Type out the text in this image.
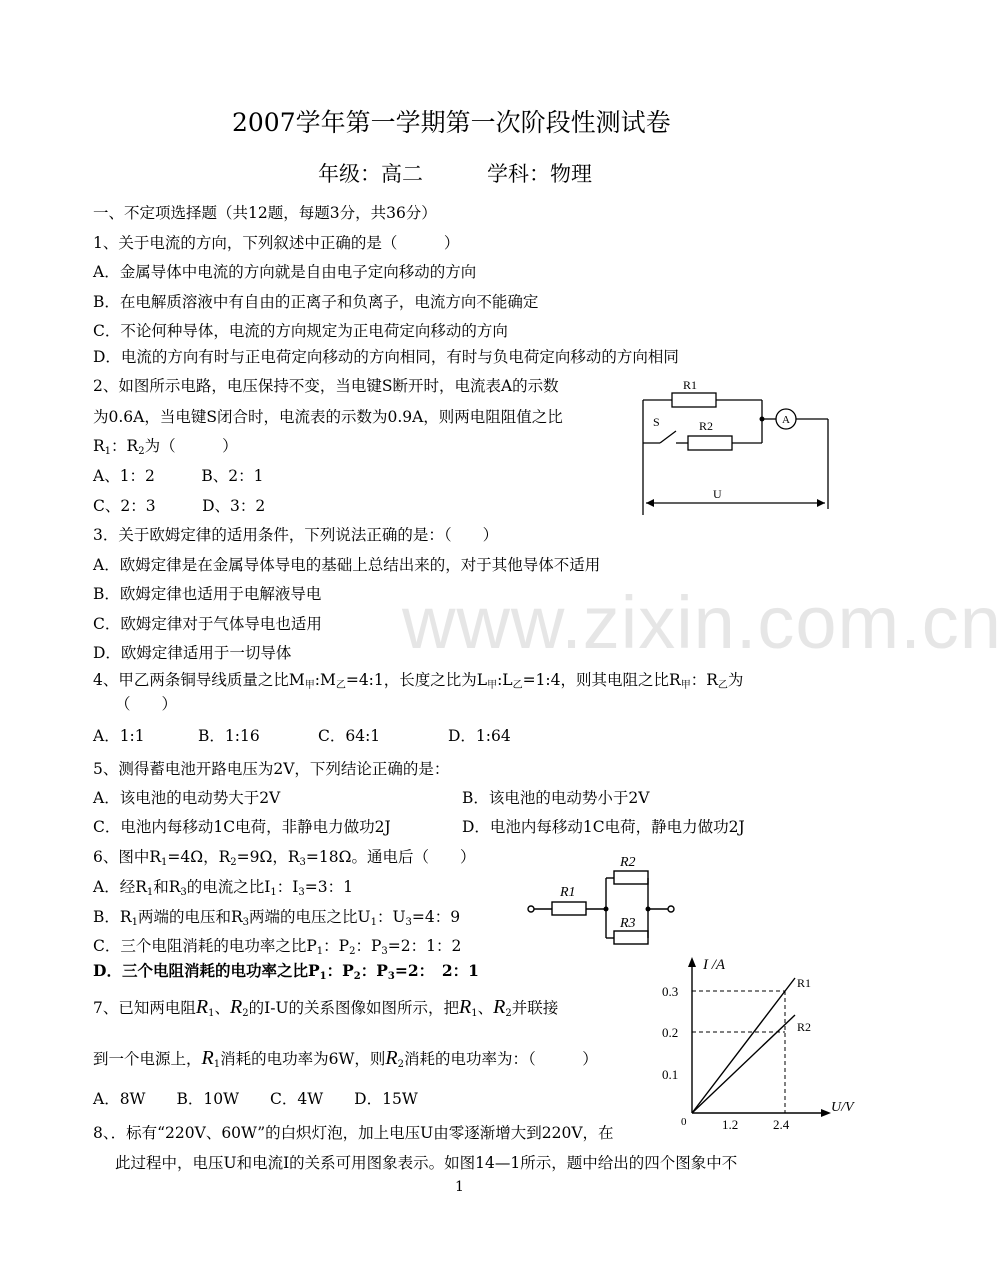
www.zixin.com.cn
2007学年第一学期第一次阶段性测试卷
年级：高二	学科：物理
一、不定项选择题（共12题，每题3分，共36分）
1、关于电流的方向，下列叙述中正确的是（　　　）
A．金属导体中电流的方向就是自由电子定向移动的方向
B．在电解质溶液中有自由的正离子和负离子，电流方向不能确定
C．不论何种导体，电流的方向规定为正电荷定向移动的方向
D．电流的方向有时与正电荷定向移动的方向相同，有时与负电荷定向移动的方向相同
2、如图所示电路，电压保持不变，当电键S断开时，电流表A的示数
为0.6A，当电键S闭合时，电流表的示数为0.9A，则两电阻阻值之比
$R_1$：$R_2$为（　　　）
A、1：2　　　B、2：1
C、2：3　　　D、3：2
R1
R2
S	A
U
3．关于欧姆定律的适用条件，下列说法正确的是：（　　）
A．欧姆定律是在金属导体导电的基础上总结出来的，对于其他导体不适用
B．欧姆定律也适用于电解液导电
C．欧姆定律对于气体导电也适用
D．欧姆定律适用于一切导体
4、甲乙两条铜导线质量之比$M_甲:M_乙=4:1$，长度之比为$L_甲:L_乙=1:4$，则其电阻之比$R_甲$：$R_乙$为
（　　）
A．1:1	B．1:16	C．64:1	D．1:64
5、测得蓄电池开路电压为2V，下列结论正确的是：
A．该电池的电动势大于2V	B．该电池的电动势小于2V
C．电池内每移动1C电荷，非静电力做功2J	D．电池内每移动1C电荷，静电力做功2J
6、图中$R_1=4\Omega$，$R_2=9\Omega$，$R_3=18\Omega$。通电后（　　）
A．经$R_1$和$R_3$的电流之比$I_1$：$I_3=3$：1
B．$R_1$两端的电压和$R_3$两端的电压之比$U_1$：$U_3=4$：9
C．三个电阻消耗的电功率之比$P_1$：$P_2$：$P_3=2$：1：2
D．三个电阻消耗的电功率之比$P_1$：$P_2$：$P_3=2$：　2：1
R1
R2
R3
7、已知两电阻$R_1$、$R_2$的I-U的关系图像如图所示，把$R_1$、$R_2$并联接
到一个电源上，$R_1$消耗的电功率为6W，则$R_2$消耗的电功率为：（　　　）
A．8W　　B．10W　　C．4W　　D．15W
I /A
U/V
0
0.3
0.2
0.1
1.2	2.4
R1
R2
8、．标有“220V、60W”的白炽灯泡，加上电压U由零逐渐增大到220V，在
此过程中，电压U和电流I的关系可用图象表示。如图14—1所示，题中给出的四个图象中不
1
